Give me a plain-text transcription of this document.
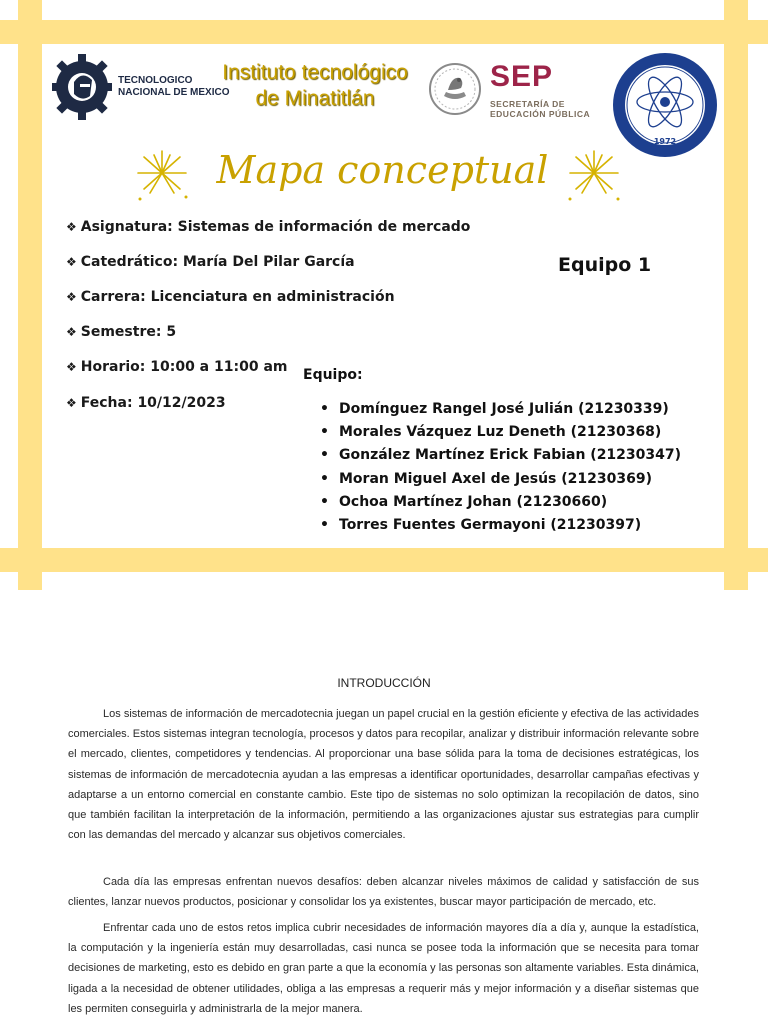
TECNOLOGICO
NACIONAL DE MEXICO
Instituto tecnológico
de Minatitlán
SEP
SECRETARÍA DE
EDUCACIÓN PÚBLICA
1972
Mapa conceptual
❖ Asignatura: Sistemas de información de mercado
❖ Catedrático: María Del Pilar García
❖ Carrera: Licenciatura en administración
❖ Semestre: 5
❖ Horario: 10:00 a 11:00 am
❖ Fecha: 10/12/2023
Equipo 1
Equipo:
• Domínguez Rangel José Julián (21230339)
• Morales Vázquez Luz Deneth (21230368)
• González Martínez Erick Fabian (21230347)
• Moran Miguel Axel de Jesús (21230369)
• Ochoa Martínez Johan (21230660)
• Torres Fuentes Germayoni (21230397)
INTRODUCCIÓN

Los sistemas de información de mercadotecnia juegan un papel crucial en la gestión eficiente y efectiva de las actividades comerciales. Estos sistemas integran tecnología, procesos y datos para recopilar, analizar y distribuir información relevante sobre el mercado, clientes, competidores y tendencias. Al proporcionar una base sólida para la toma de decisiones estratégicas, los sistemas de información de mercadotecnia ayudan a las empresas a identificar oportunidades, desarrollar campañas efectivas y adaptarse a un entorno comercial en constante cambio. Este tipo de sistemas no solo optimizan la recopilación de datos, sino que también facilitan la interpretación de la información, permitiendo a las organizaciones ajustar sus estrategias para cumplir con las demandas del mercado y alcanzar sus objetivos comerciales.

Cada día las empresas enfrentan nuevos desafíos: deben alcanzar niveles máximos de calidad y satisfacción de sus clientes, lanzar nuevos productos, posicionar y consolidar los ya existentes, buscar mayor participación de mercado, etc.

Enfrentar cada uno de estos retos implica cubrir necesidades de información mayores día a día y, aunque la estadística, la computación y la ingeniería están muy desarrolladas, casi nunca se posee toda la información que se necesita para tomar decisiones de marketing, esto es debido en gran parte a que la economía y las personas son altamente variables. Esta dinámica, ligada a la necesidad de obtener utilidades, obliga a las empresas a requerir más y mejor información y a diseñar sistemas que les permiten conseguirla y administrarla de la mejor manera.
